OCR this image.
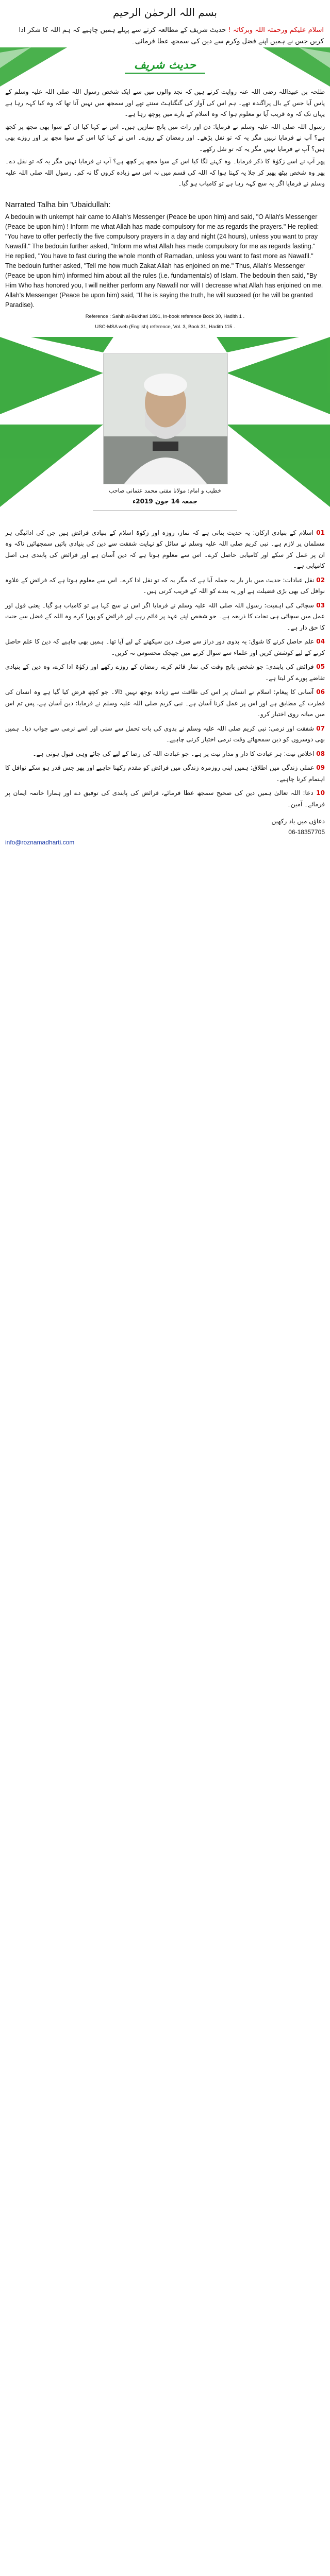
بسم اللہ الرحمٰن الرحیم
اسلام علیکم ورحمتہ اللہ وبرکاتہ ! حدیث شریف کے مطالعہ کرنے سے پہلے ہمیں چاہیے کہ ہم اللہ کا شکر ادا کریں جس نے ہمیں اپنے فضل وکرم سے دین کی سمجھ عطا فرمائی۔
حدیث شریف

طلحہ بن عبیداللہ رضی اللہ عنہ روایت کرتے ہیں کہ نجد والوں میں سے ایک شخص رسول اللہ صلی اللہ علیہ وسلم کے پاس آیا جس کے بال پراگندہ تھے۔ ہم اس کی آواز کی گنگناہٹ سنتے تھے اور سمجھ میں نہیں آتا تھا کہ وہ کیا کہہ رہا ہے یہاں تک کہ وہ قریب آیا تو معلوم ہوا کہ وہ اسلام کے بارے میں پوچھ رہا ہے۔

رسول اللہ صلی اللہ علیہ وسلم نے فرمایا: دن اور رات میں پانچ نمازیں ہیں۔ اس نے کہا کیا ان کے سوا بھی مجھ پر کچھ ہے؟ آپ نے فرمایا نہیں مگر یہ کہ تو نفل پڑھے۔ اور رمضان کے روزے۔ اس نے کہا کیا اس کے سوا مجھ پر اور روزے بھی ہیں؟ آپ نے فرمایا نہیں مگر یہ کہ تو نفل رکھے۔

پھر آپ نے اسے زکوٰۃ کا ذکر فرمایا۔ وہ کہنے لگا کیا اس کے سوا مجھ پر کچھ ہے؟ آپ نے فرمایا نہیں مگر یہ کہ تو نفل دے۔ پھر وہ شخص پیٹھ پھیر کر چلا یہ کہتا ہوا کہ اللہ کی قسم میں نہ اس سے زیادہ کروں گا نہ کم۔ رسول اللہ صلی اللہ علیہ وسلم نے فرمایا اگر یہ سچ کہہ رہا ہے تو کامیاب ہو گیا۔

Narrated Talha bin 'Ubaidullah:
A bedouin with unkempt hair came to Allah's Messenger (Peace be upon him) and said, "O Allah's Messenger (Peace be upon him) ! Inform me what Allah has made compulsory for me as regards the prayers." He replied: "You have to offer perfectly the five compulsory prayers in a day and night (24 hours), unless you want to pray Nawafil." The bedouin further asked, "Inform me what Allah has made compulsory for me as regards fasting." He replied, "You have to fast during the whole month of Ramadan, unless you want to fast more as Nawafil." The bedouin further asked, "Tell me how much Zakat Allah has enjoined on me." Thus, Allah's Messenger (Peace be upon him) informed him about all the rules (i.e. fundamentals) of Islam. The bedouin then said, "By Him Who has honored you, I will neither perform any Nawafil nor will I decrease what Allah has enjoined on me. Allah's Messenger (Peace be upon him) said, "If he is saying the truth, he will succeed (or he will be granted Paradise).
Reference : Sahih al-Bukhari 1891, In-book reference Book 30, Hadith 1 .
USC-MSA web (English) reference, Vol. 3, Book 31, Hadith 115 .
خطیب و امام: مولانا مفتی محمد عثمانی صاحب
جمعہ 14 جون 2019ء

01 اسلام کے بنیادی ارکان: یہ حدیث بتاتی ہے کہ نماز، روزہ اور زکوٰۃ اسلام کے بنیادی فرائض ہیں جن کی ادائیگی ہر مسلمان پر لازم ہے۔ نبی کریم صلی اللہ علیہ وسلم نے سائل کو نہایت شفقت سے دین کی بنیادی باتیں سمجھائیں تاکہ وہ ان پر عمل کر سکے اور کامیابی حاصل کرے۔ اس سے معلوم ہوتا ہے کہ دین آسان ہے اور فرائض کی پابندی ہی اصل کامیابی ہے۔

02 نفل عبادات: حدیث میں بار بار یہ جملہ آیا ہے کہ مگر یہ کہ تو نفل ادا کرے۔ اس سے معلوم ہوتا ہے کہ فرائض کے علاوہ نوافل کی بھی بڑی فضیلت ہے اور یہ بندے کو اللہ کے قریب کرتی ہیں۔

03 سچائی کی اہمیت: رسول اللہ صلی اللہ علیہ وسلم نے فرمایا اگر اس نے سچ کہا ہے تو کامیاب ہو گیا۔ یعنی قول اور عمل میں سچائی ہی نجات کا ذریعہ ہے۔ جو شخص اپنے عہد پر قائم رہے اور فرائض کو پورا کرے وہ اللہ کے فضل سے جنت کا حق دار ہے۔

04 علم حاصل کرنے کا شوق: یہ بدوی دور دراز سے صرف دین سیکھنے کے لیے آیا تھا۔ ہمیں بھی چاہیے کہ دین کا علم حاصل کرنے کے لیے کوشش کریں اور علماء سے سوال کرنے میں جھجک محسوس نہ کریں۔

05 فرائض کی پابندی: جو شخص پانچ وقت کی نماز قائم کرے، رمضان کے روزے رکھے اور زکوٰۃ ادا کرے، وہ دین کے بنیادی تقاضے پورے کر لیتا ہے۔

06 آسانی کا پیغام: اسلام نے انسان پر اس کی طاقت سے زیادہ بوجھ نہیں ڈالا۔ جو کچھ فرض کیا گیا ہے وہ انسان کی فطرت کے مطابق ہے اور اس پر عمل کرنا آسان ہے۔ نبی کریم صلی اللہ علیہ وسلم نے فرمایا: دین آسان ہے، پس تم اس میں میانہ روی اختیار کرو۔

07 شفقت اور نرمی: نبی کریم صلی اللہ علیہ وسلم نے بدوی کی بات تحمل سے سنی اور اسے نرمی سے جواب دیا۔ ہمیں بھی دوسروں کو دین سمجھاتے وقت نرمی اختیار کرنی چاہیے۔

08 اخلاص نیت: ہر عبادت کا دار و مدار نیت پر ہے۔ جو عبادت اللہ کی رضا کے لیے کی جائے وہی قبول ہوتی ہے۔

09 عملی زندگی میں اطلاق: ہمیں اپنی روزمرہ زندگی میں فرائض کو مقدم رکھنا چاہیے اور پھر جس قدر ہو سکے نوافل کا اہتمام کرنا چاہیے۔

10 دعا: اللہ تعالیٰ ہمیں دین کی صحیح سمجھ عطا فرمائے، فرائض کی پابندی کی توفیق دے اور ہمارا خاتمہ ایمان پر فرمائے۔ آمین۔

دعاؤں میں یاد رکھیں
06-18357705
info@roznamadharti.com
